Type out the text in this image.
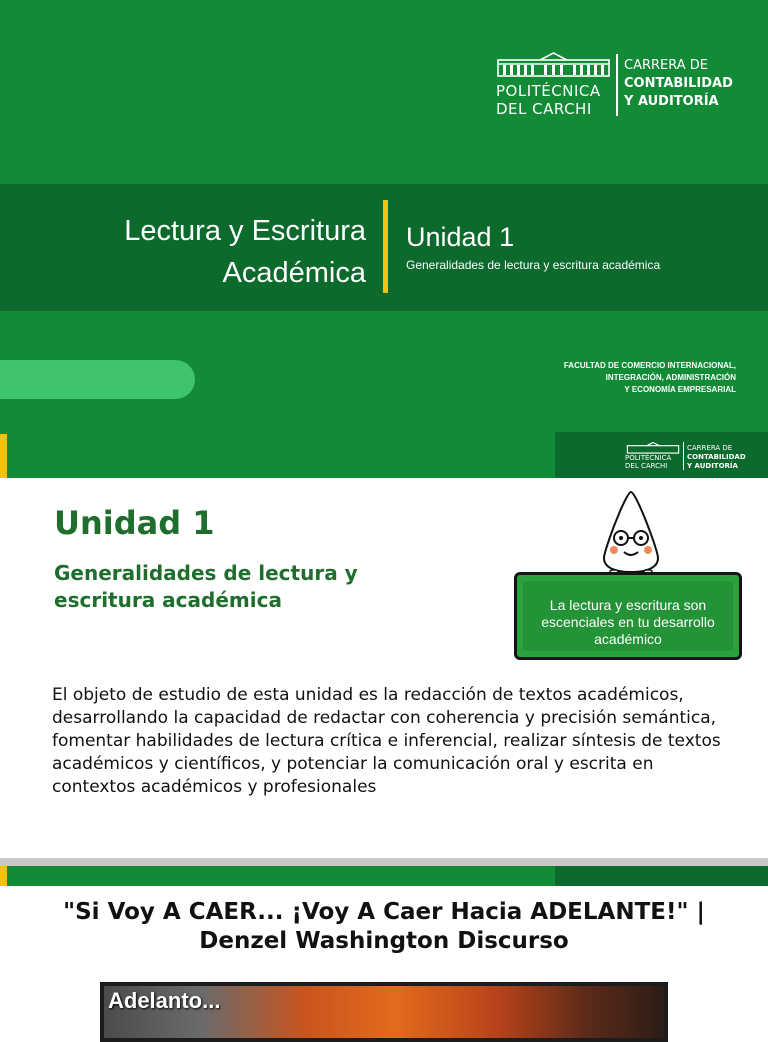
POLITÉCNICA
DEL CARCHI
CARRERA DE
CONTABILIDAD
Y AUDITORÍA
Lectura y Escritura
Académica
Unidad 1
Generalidades de lectura y escritura académica
FACULTAD DE COMERCIO INTERNACIONAL,
INTEGRACIÓN, ADMINISTRACIÓN
Y ECONOMÍA EMPRESARIAL
POLITÉCNICA
DEL CARCHI
CARRERA DE
CONTABILIDAD
Y AUDITORÍA
Unidad 1
Generalidades de lectura y escritura académica	La lectura y escritura son escenciales en tu desarrollo académico
El objeto de estudio de esta unidad es la redacción de textos académicos, desarrollando la capacidad de redactar con coherencia y precisión semántica, fomentar habilidades de lectura crítica e inferencial, realizar síntesis de textos académicos y científicos, y potenciar la comunicación oral y escrita en contextos académicos y profesionales
"Si Voy A CAER... ¡Voy A Caer Hacia ADELANTE!" | Denzel Washington Discurso
Adelanto...
